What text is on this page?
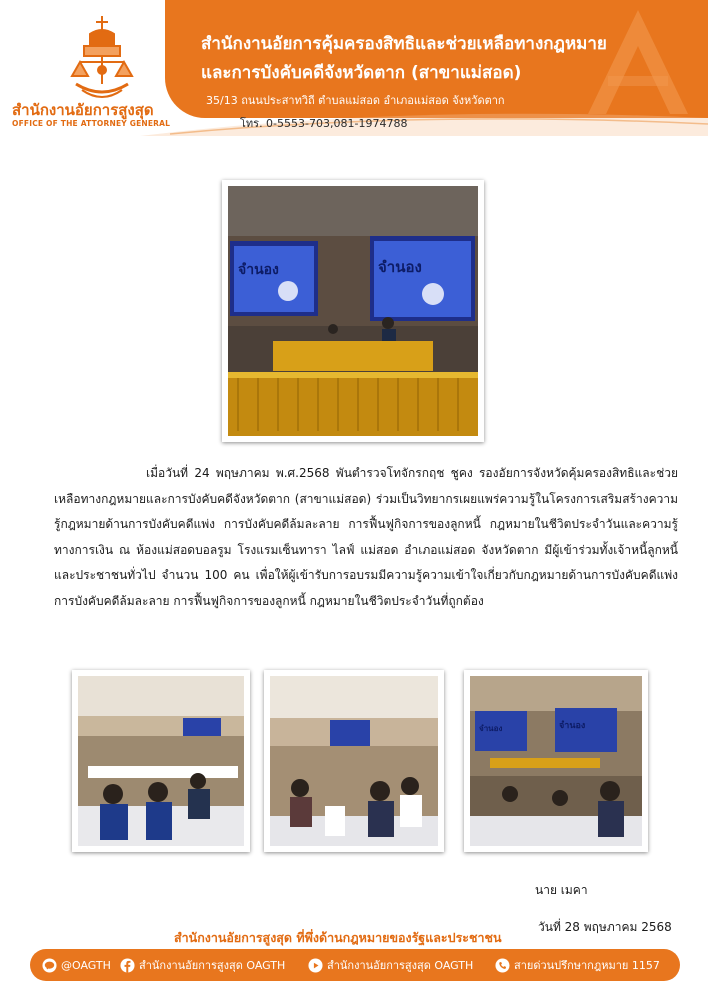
สำนักงานอัยการคุ้มครองสิทธิและช่วยเหลือทางกฎหมาย
และการบังคับคดีจังหวัดตาก (สาขาแม่สอด)
35/13 ถนนประสาทวิถี ตำบลแม่สอด อำเภอแม่สอด จังหวัดตาก
โทร. 0-5553-703,081-1974788
สำนักงานอัยการสูงสุด
OFFICE OF THE ATTORNEY GENERAL
จำนอง	จำนอง
เมื่อวันที่ 24 พฤษภาคม พ.ศ.2568 พันตำรวจโทจักรกฤช ชูคง รองอัยการจังหวัดคุ้มครองสิทธิและช่วยเหลือทางกฎหมายและการบังคับคดีจังหวัดตาก (สาขาแม่สอด) ร่วมเป็นวิทยากรเผยแพร่ความรู้ในโครงการเสริมสร้างความรู้กฎหมายด้านการบังคับคดีแพ่ง การบังคับคดีล้มละลาย การฟื้นฟูกิจการของลูกหนี้ กฎหมายในชีวิตประจำวันและความรู้ทางการเงิน ณ ห้องแม่สอดบอลรูม โรงแรมเซ็นทารา ไลฟ์ แม่สอด อำเภอแม่สอด จังหวัดตาก มีผู้เข้าร่วมทั้งเจ้าหนี้ลูกหนี้ และประชาชนทั่วไป จำนวน 100 คน เพื่อให้ผู้เข้ารับการอบรมมีความรู้ความเข้าใจเกี่ยวกับกฎหมายด้านการบังคับคดีแพ่ง การบังคับคดีล้มละลาย การฟื้นฟูกิจการของลูกหนี้ กฎหมายในชีวิตประจำวันที่ถูกต้อง
จำนอง	จำนอง
นาย เมคา
สำนักงานอัยการสูงสุด ที่พึ่งด้านกฎหมายของรัฐและประชาชน
วันที่ 28 พฤษภาคม 2568
@OAGTH	สำนักงานอัยการสูงสุด OAGTH	สำนักงานอัยการสูงสุด OAGTH	สายด่วนปรึกษากฎหมาย 1157
